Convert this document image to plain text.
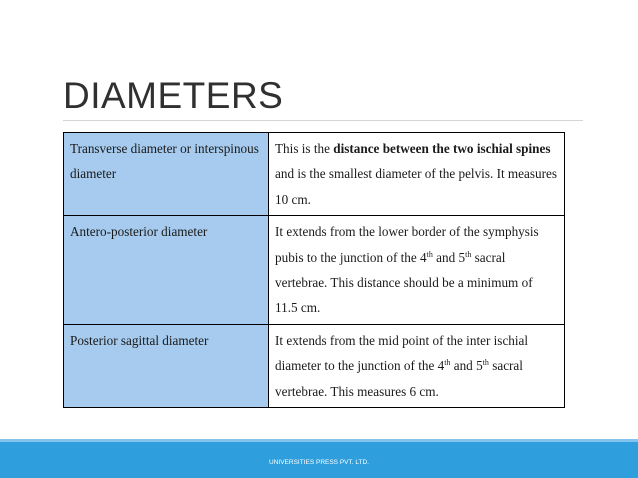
DIAMETERS
Transverse diameter or interspinous diameter	This is the distance between the two ischial spines and is the smallest diameter of the pelvis. It measures 10 cm.
Antero-posterior diameter	It extends from the lower border of the symphysis pubis to the junction of the 4th and 5th sacral vertebrae. This distance should be a minimum of 11.5 cm.
Posterior sagittal diameter	It extends from the mid point of the inter ischial diameter to the junction of the 4th and 5th sacral vertebrae. This measures 6 cm.
UNIVERSITIES PRESS PVT. LTD.
